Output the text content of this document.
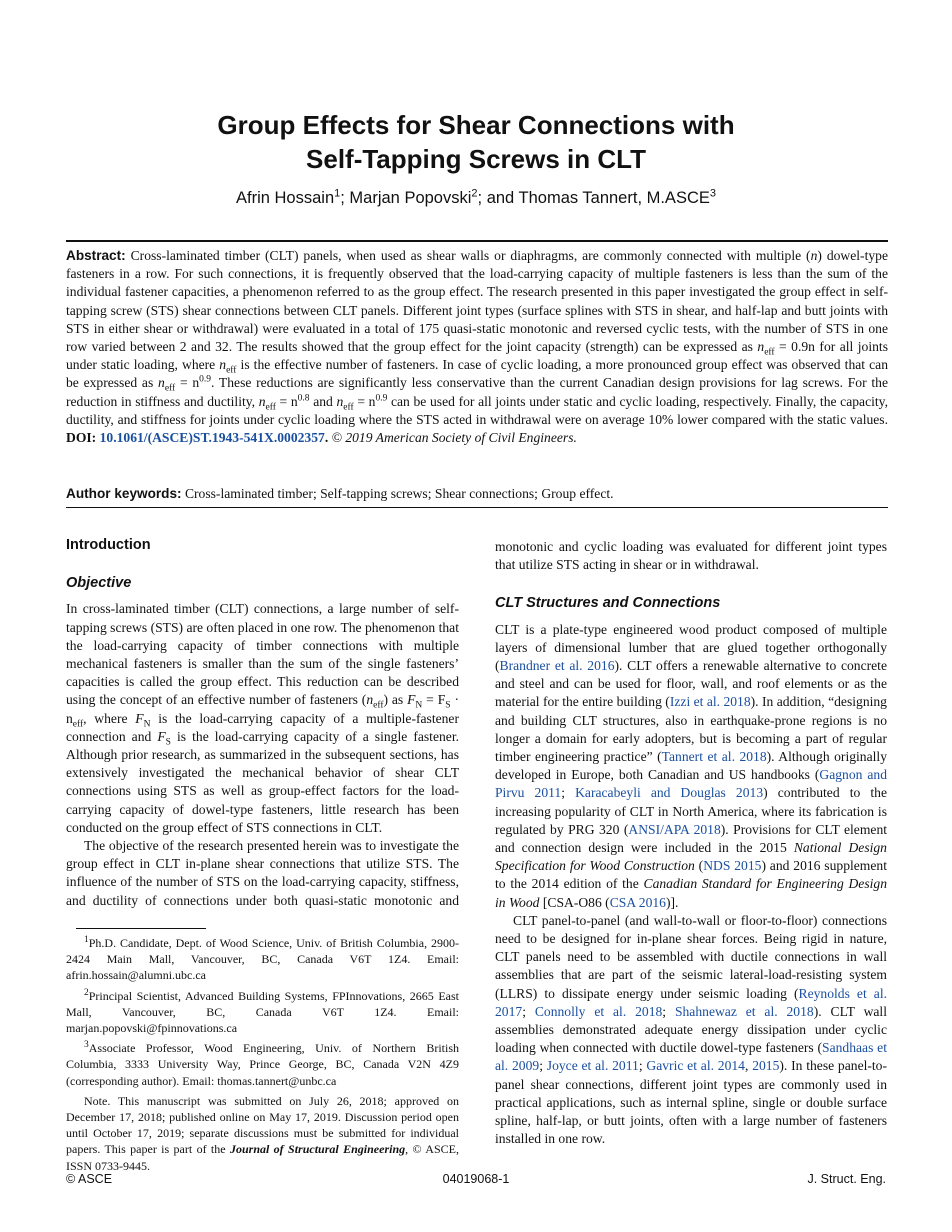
Group Effects for Shear Connections with
Self-Tapping Screws in CLT
Afrin Hossain$^1$; Marjan Popovski$^2$; and Thomas Tannert, M.ASCE$^3$
Abstract: Cross-laminated timber (CLT) panels, when used as shear walls or diaphragms, are commonly connected with multiple (n) dowel-type fasteners in a row. For such connections, it is frequently observed that the load-carrying capacity of multiple fasteners is less than the sum of the individual fastener capacities, a phenomenon referred to as the group effect. The research presented in this paper investigated the group effect in self-tapping screw (STS) shear connections between CLT panels. Different joint types (surface splines with STS in shear, and half-lap and butt joints with STS in either shear or withdrawal) were evaluated in a total of 175 quasi-static monotonic and reversed cyclic tests, with the number of STS in one row varied between 2 and 32. The results showed that the group effect for the joint capacity (strength) can be expressed as $n_{eff} = 0.9n$ for all joints under static loading, where $n_{eff}$ is the effective number of fasteners. In case of cyclic loading, a more pronounced group effect was observed that can be expressed as $n_{eff} = n^{0.9}$. These reductions are significantly less conservative than the current Canadian design provisions for lag screws. For the reduction in stiffness and ductility, $n_{eff} = n^{0.8}$ and $n_{eff} = n^{0.9}$ can be used for all joints under static and cyclic loading, respectively. Finally, the capacity, ductility, and stiffness for joints under cyclic loading where the STS acted in withdrawal were on average 10% lower compared with the static values. DOI: 10.1061/(ASCE)ST.1943-541X.0002357. © 2019 American Society of Civil Engineers.
Author keywords: Cross-laminated timber; Self-tapping screws; Shear connections; Group effect.
Introduction
Objective

In cross-laminated timber (CLT) connections, a large number of self-tapping screws (STS) are often placed in one row. The phenomenon that the load-carrying capacity of timber connections with multiple mechanical fasteners is smaller than the sum of the single fasteners’ capacities is called the group effect. This reduction can be described using the concept of an effective number of fasteners $(n_{eff})$ as $F_N = F_S \cdot n_{eff}$, where $F_N$ is the load-carrying capacity of a multiple-fastener connection and $F_S$ is the load-carrying capacity of a single fastener. Although prior research, as summarized in the subsequent sections, has extensively investigated the mechanical behavior of shear CLT connections using STS as well as group-effect factors for the load-carrying capacity of dowel-type fasteners, little research has been conducted on the group effect of STS connections in CLT.

The objective of the research presented herein was to investigate the group effect in CLT in-plane shear connections that utilize STS. The influence of the number of STS on the load-carrying capacity, stiffness, and ductility of connections under both quasi-static monotonic and

$^1$Ph.D. Candidate, Dept. of Wood Science, Univ. of British Columbia, 2900-2424 Main Mall, Vancouver, BC, Canada V6T 1Z4. Email: afrin.hossain@alumni.ubc.ca

$^2$Principal Scientist, Advanced Building Systems, FPInnovations, 2665 East Mall, Vancouver, BC, Canada V6T 1Z4. Email: marjan.popovski@fpinnovations.ca

$^3$Associate Professor, Wood Engineering, Univ. of Northern British Columbia, 3333 University Way, Prince George, BC, Canada V2N 4Z9 (corresponding author). Email: thomas.tannert@unbc.ca

Note. This manuscript was submitted on July 26, 2018; approved on December 17, 2018; published online on May 17, 2019. Discussion period open until October 17, 2019; separate discussions must be submitted for individual papers. This paper is part of the Journal of Structural Engineering, © ASCE, ISSN 0733-9445.

monotonic and cyclic loading was evaluated for different joint types that utilize STS acting in shear or in withdrawal.

CLT Structures and Connections

CLT is a plate-type engineered wood product composed of multiple layers of dimensional lumber that are glued together orthogonally (Brandner et al. 2016). CLT offers a renewable alternative to concrete and steel and can be used for floor, wall, and roof elements or as the material for the entire building (Izzi et al. 2018). In addition, “designing and building CLT structures, also in earthquake-prone regions is no longer a domain for early adopters, but is becoming a part of regular timber engineering practice” (Tannert et al. 2018). Although originally developed in Europe, both Canadian and US handbooks (Gagnon and Pirvu 2011; Karacabeyli and Douglas 2013) contributed to the increasing popularity of CLT in North America, where its fabrication is regulated by PRG 320 (ANSI/APA 2018). Provisions for CLT element and connection design were included in the 2015 National Design Specification for Wood Construction (NDS 2015) and 2016 supplement to the 2014 edition of the Canadian Standard for Engineering Design in Wood [CSA-O86 (CSA 2016)].

CLT panel-to-panel (and wall-to-wall or floor-to-floor) connections need to be designed for in-plane shear forces. Being rigid in nature, CLT panels need to be assembled with ductile connections in wall assemblies that are part of the seismic lateral-load-resisting system (LLRS) to dissipate energy under seismic loading (Reynolds et al. 2017; Connolly et al. 2018; Shahnewaz et al. 2018). CLT wall assemblies demonstrated adequate energy dissipation under cyclic loading when connected with ductile dowel-type fasteners (Sandhaas et al. 2009; Joyce et al. 2011; Gavric et al. 2014, 2015). In these panel-to-panel shear connections, different joint types are commonly used in practical applications, such as internal spline, single or double surface spline, half-lap, or butt joints, often with a large number of fasteners installed in one row.

© ASCE	04019068-1	J. Struct. Eng.
